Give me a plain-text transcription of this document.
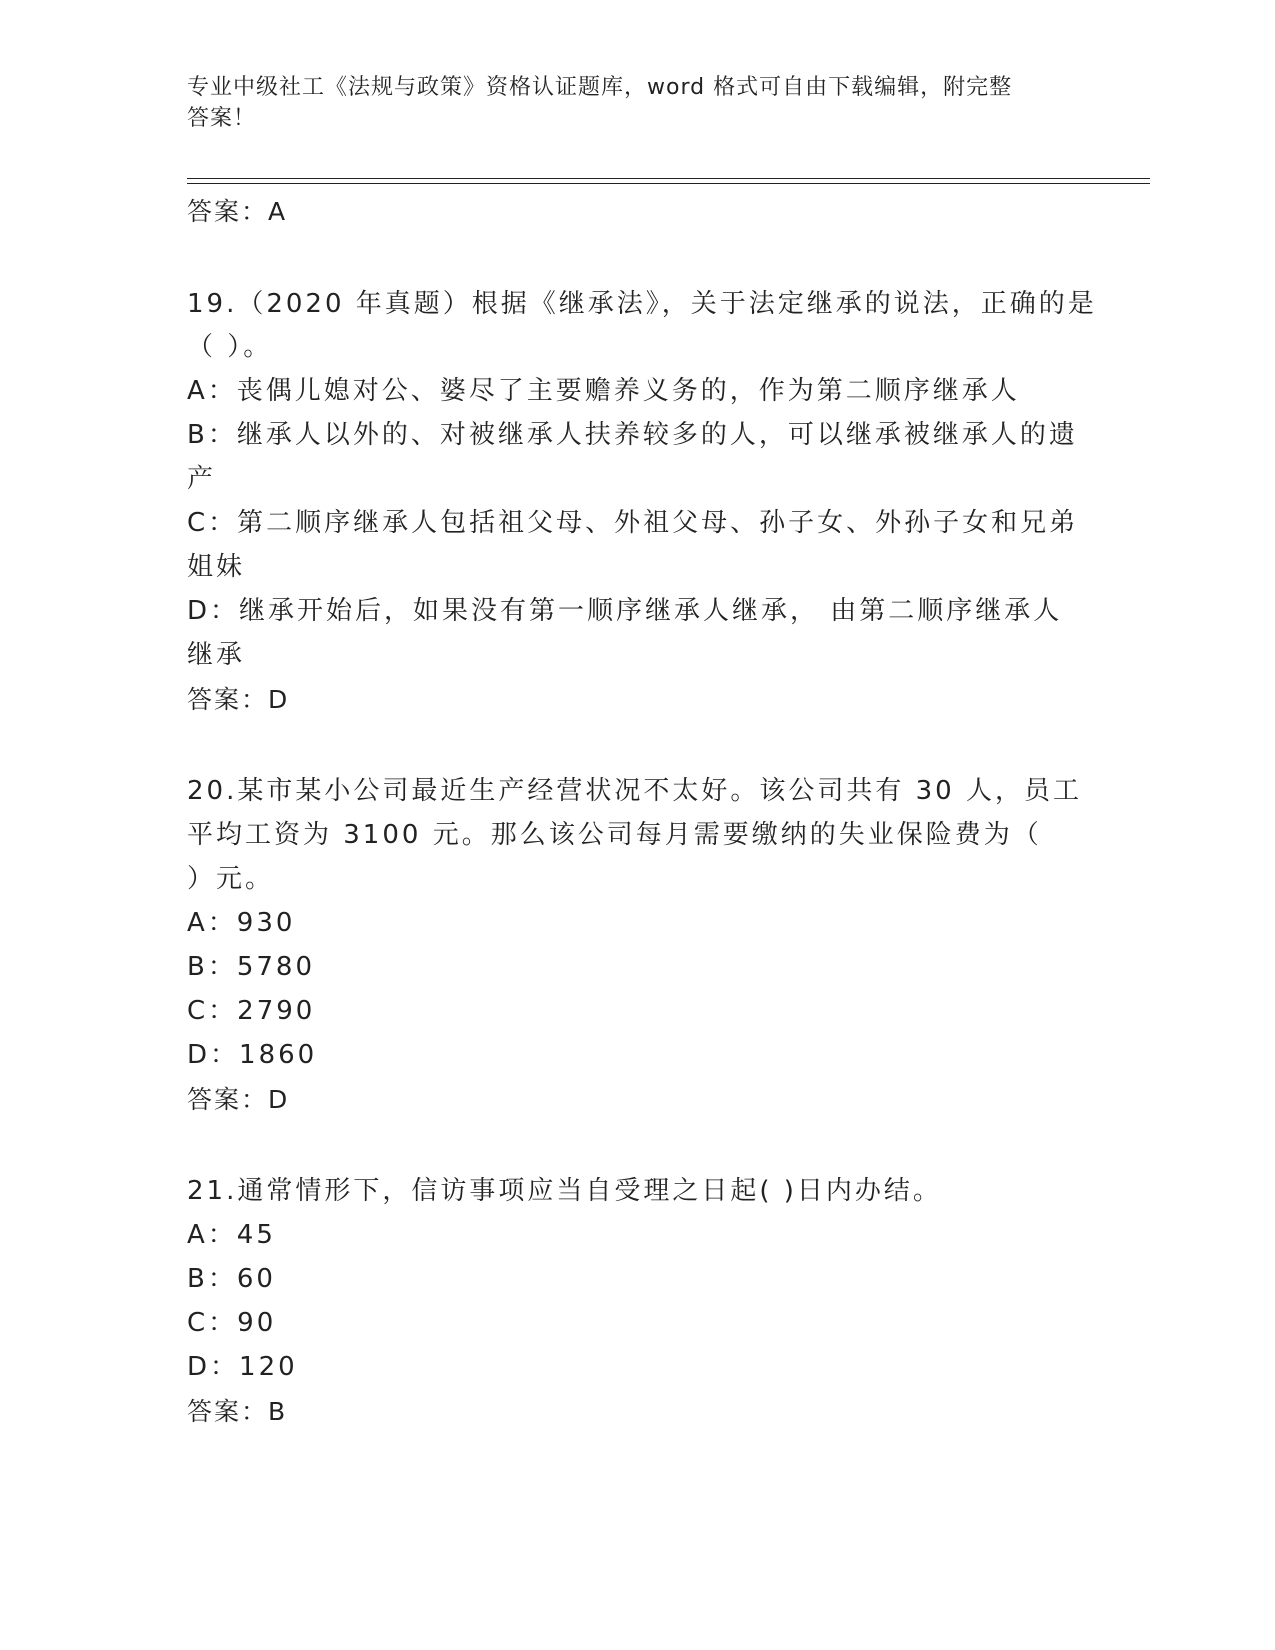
专业中级社工《法规与政策》资格认证题库，word 格式可自由下载编辑，附完整
答案！
答案：A
19.（2020 年真题）根据《继承法》，关于法定继承的说法，正确的是
（ ）。
A：丧偶儿媳对公、婆尽了主要赡养义务的，作为第二顺序继承人
B：继承人以外的、对被继承人扶养较多的人，可以继承被继承人的遗
产
C：第二顺序继承人包括祖父母、外祖父母、孙子女、外孙子女和兄弟
姐妹
D：继承开始后，如果没有第一顺序继承人继承， 由第二顺序继承人
继承
答案：D
20.某市某小公司最近生产经营状况不太好。该公司共有 30 人，员工
平均工资为 3100 元。那么该公司每月需要缴纳的失业保险费为（
）元。
A：930
B：5780
C：2790
D：1860
答案：D
21.通常情形下，信访事项应当自受理之日起( )日内办结。
A：45
B：60
C：90
D：120
答案：B
